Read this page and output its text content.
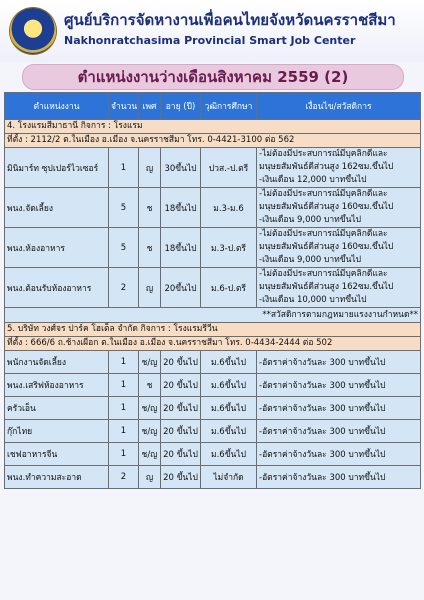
ศูนย์บริการจัดหางานเพื่อคนไทยจังหวัดนครราชสีมา
Nakhonratchasima Provincial Smart Job Center
ตำแหน่งงานว่างเดือนสิงหาคม 2559 (2)
ตำแหน่งงาน	จำนวน	เพศ	อายุ (ปี)	วุฒิการศึกษา	เงื่อนไข/สวัสดิการ
4. โรงแรมสีมาธานี กิจการ : โรงแรม					
ที่ตั้ง : 2112/2 ต.ในเมือง อ.เมือง จ.นครราชสีมา โทร. 0-4421-3100 ต่อ 562					
มินิมาร์ท ซุปเปอร์ไวเซอร์	1	ญ	30ขึ้นไป	ปวส.-ป.ตรี	-ไม่ต้องมีประสบการณ์มีบุคลิกดีและ
มนุษยสัมพันธ์ดีส่วนสูง 162ซม.ขึ้นไป
-เงินเดือน 12,000 บาทขึ้นไป

พนง.จัดเลี้ยง	5	ช	18ขึ้นไป	ม.3-ม.6	-ไม่ต้องมีประสบการณ์มีบุคลิกดีและ
มนุษยสัมพันธ์ดีส่วนสูง 160ซม.ขึ้นไป
-เงินเดือน 9,000 บาทขึ้นไป

พนง.ห้องอาหาร	5	ช	18ขึ้นไป	ม.3-ป.ตรี	-ไม่ต้องมีประสบการณ์มีบุคลิกดีและ
มนุษยสัมพันธ์ดีส่วนสูง 160ซม.ขึ้นไป
-เงินเดือน 9,000 บาทขึ้นไป

พนง.ต้อนรับห้องอาหาร	2	ญ	20ขึ้นไป	ม.6-ป.ตรี	-ไม่ต้องมีประสบการณ์มีบุคลิกดีและ
มนุษยสัมพันธ์ดีส่วนสูง 162ซม.ขึ้นไป
-เงินเดือน 10,000 บาทขึ้นไป

**สวัสดิการตามกฎหมายแรงงานกำหนด**					
5. บริษัท วงศ์จร ปาร์ค โฮเต็ล จำกัด กิจการ : โรงแรมรีวีน					
ที่ตั้ง : 666/6 ถ.ช้างเผือก ต.ในเมือง อ.เมือง จ.นครราชสีมา โทร. 0-4434-2444 ต่อ 502					
พนักงานจัดเลี้ยง	1	ช/ญ	20 ขึ้นไป	ม.6ขึ้นไป	-อัตราค่าจ้างวันละ 300 บาทขึ้นไป
พนง.เสริฟห้องอาหาร	1	ช	20 ขึ้นไป	ม.6ขึ้นไป	-อัตราค่าจ้างวันละ 300 บาทขึ้นไป
ครัวเอ็น	1	ช/ญ	20 ขึ้นไป	ม.6ขึ้นไป	-อัตราค่าจ้างวันละ 300 บาทขึ้นไป
กุ๊กไทย	1	ช/ญ	20 ขึ้นไป	ม.6ขึ้นไป	-อัตราค่าจ้างวันละ 300 บาทขึ้นไป
เชฟอาหารจีน	1	ช/ญ	20 ขึ้นไป	ม.6ขึ้นไป	-อัตราค่าจ้างวันละ 300 บาทขึ้นไป
พนง.ทำความสะอาด	2	ญ	20 ขึ้นไป	ไม่จำกัด	-อัตราค่าจ้างวันละ 300 บาทขึ้นไป
